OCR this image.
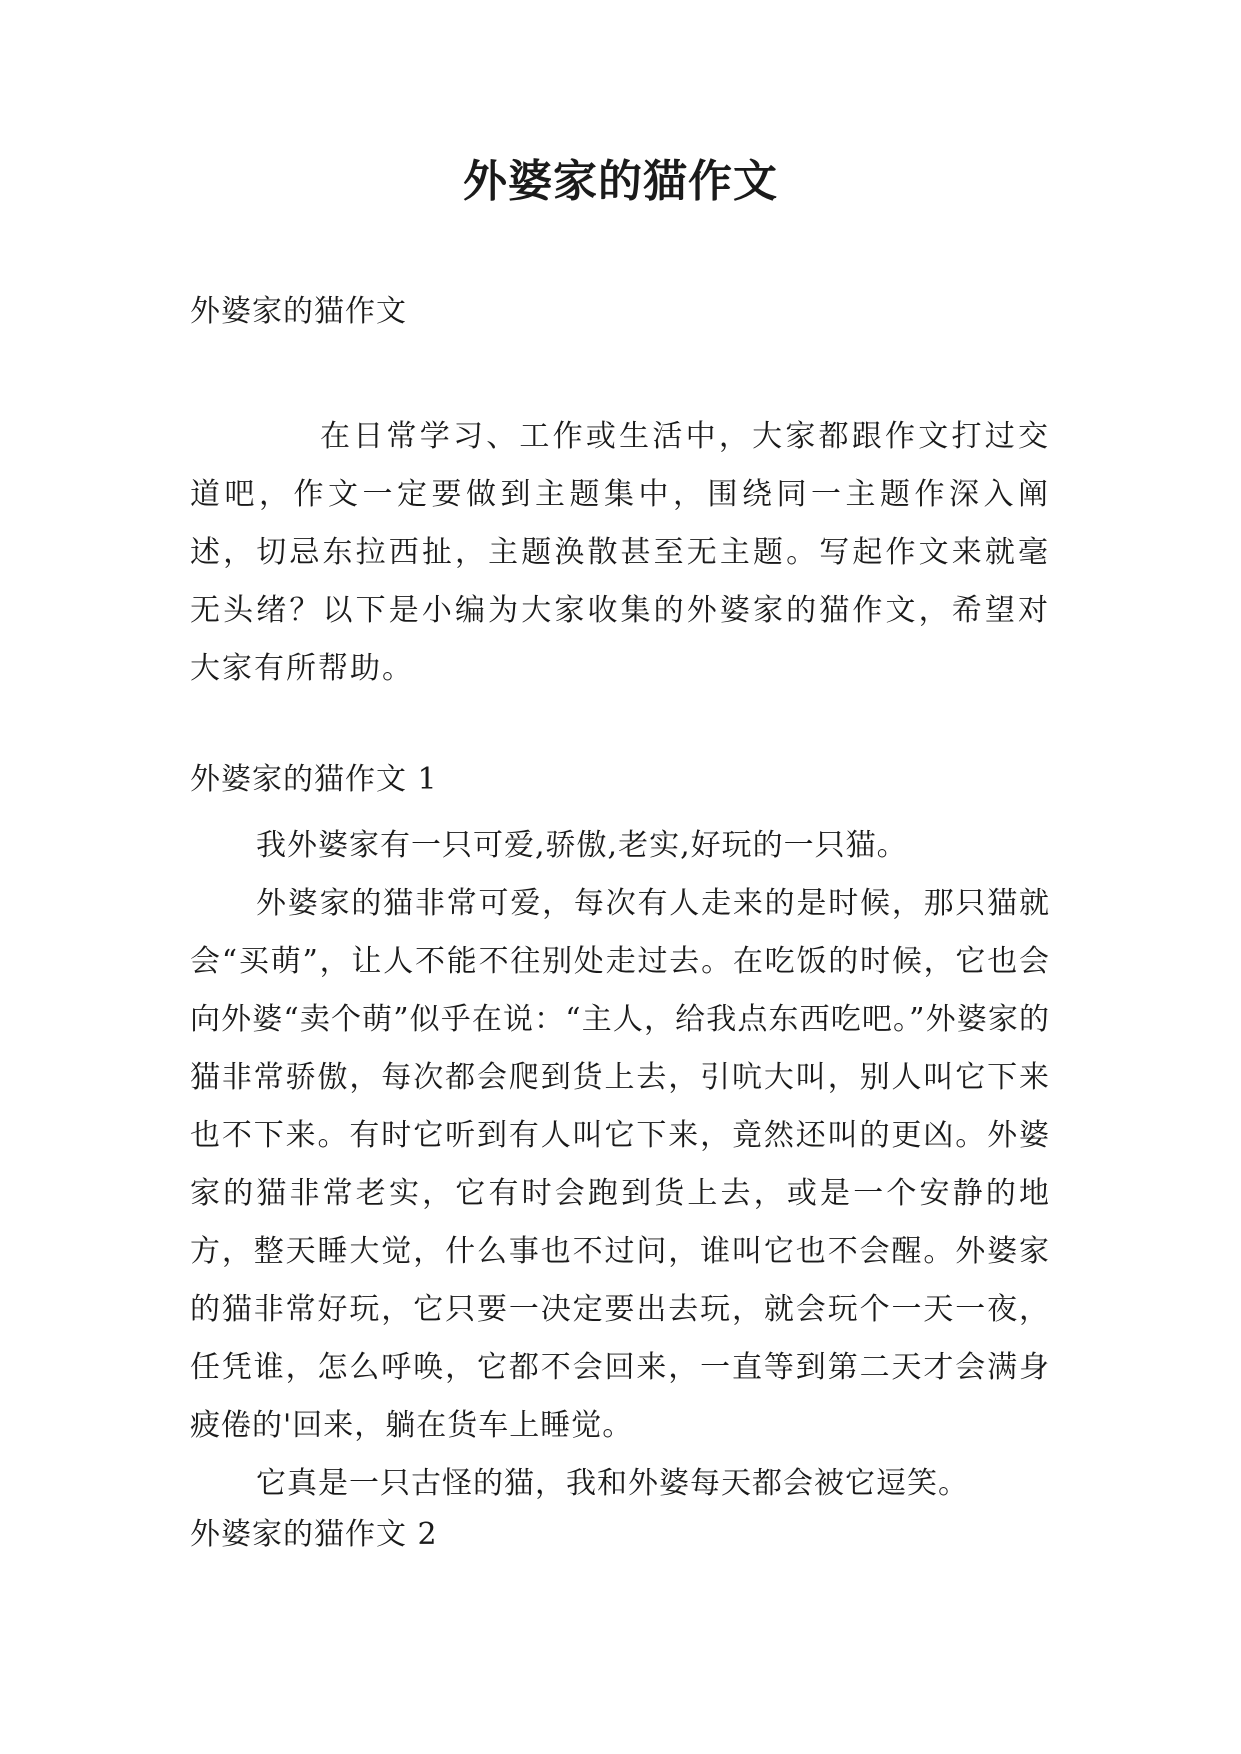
外婆家的猫作文
外婆家的猫作文

在日常学习、工作或生活中，大家都跟作文打过交道吧，作文一定要做到主题集中，围绕同一主题作深入阐述，切忌东拉西扯，主题涣散甚至无主题。写起作文来就毫无头绪？以下是小编为大家收集的外婆家的猫作文，希望对大家有所帮助。

外婆家的猫作文 1

我外婆家有一只可爱,骄傲,老实,好玩的一只猫。

外婆家的猫非常可爱，每次有人走来的是时候，那只猫就会“买萌”，让人不能不往别处走过去。在吃饭的时候，它也会向外婆“卖个萌”似乎在说：“主人，给我点东西吃吧。”外婆家的猫非常骄傲，每次都会爬到货上去，引吭大叫，别人叫它下来也不下来。有时它听到有人叫它下来，竟然还叫的更凶。外婆家的猫非常老实，它有时会跑到货上去，或是一个安静的地方，整天睡大觉，什么事也不过问，谁叫它也不会醒。外婆家的猫非常好玩，它只要一决定要出去玩，就会玩个一天一夜，任凭谁，怎么呼唤，它都不会回来，一直等到第二天才会满身疲倦的'回来，躺在货车上睡觉。

它真是一只古怪的猫，我和外婆每天都会被它逗笑。

外婆家的猫作文 2
